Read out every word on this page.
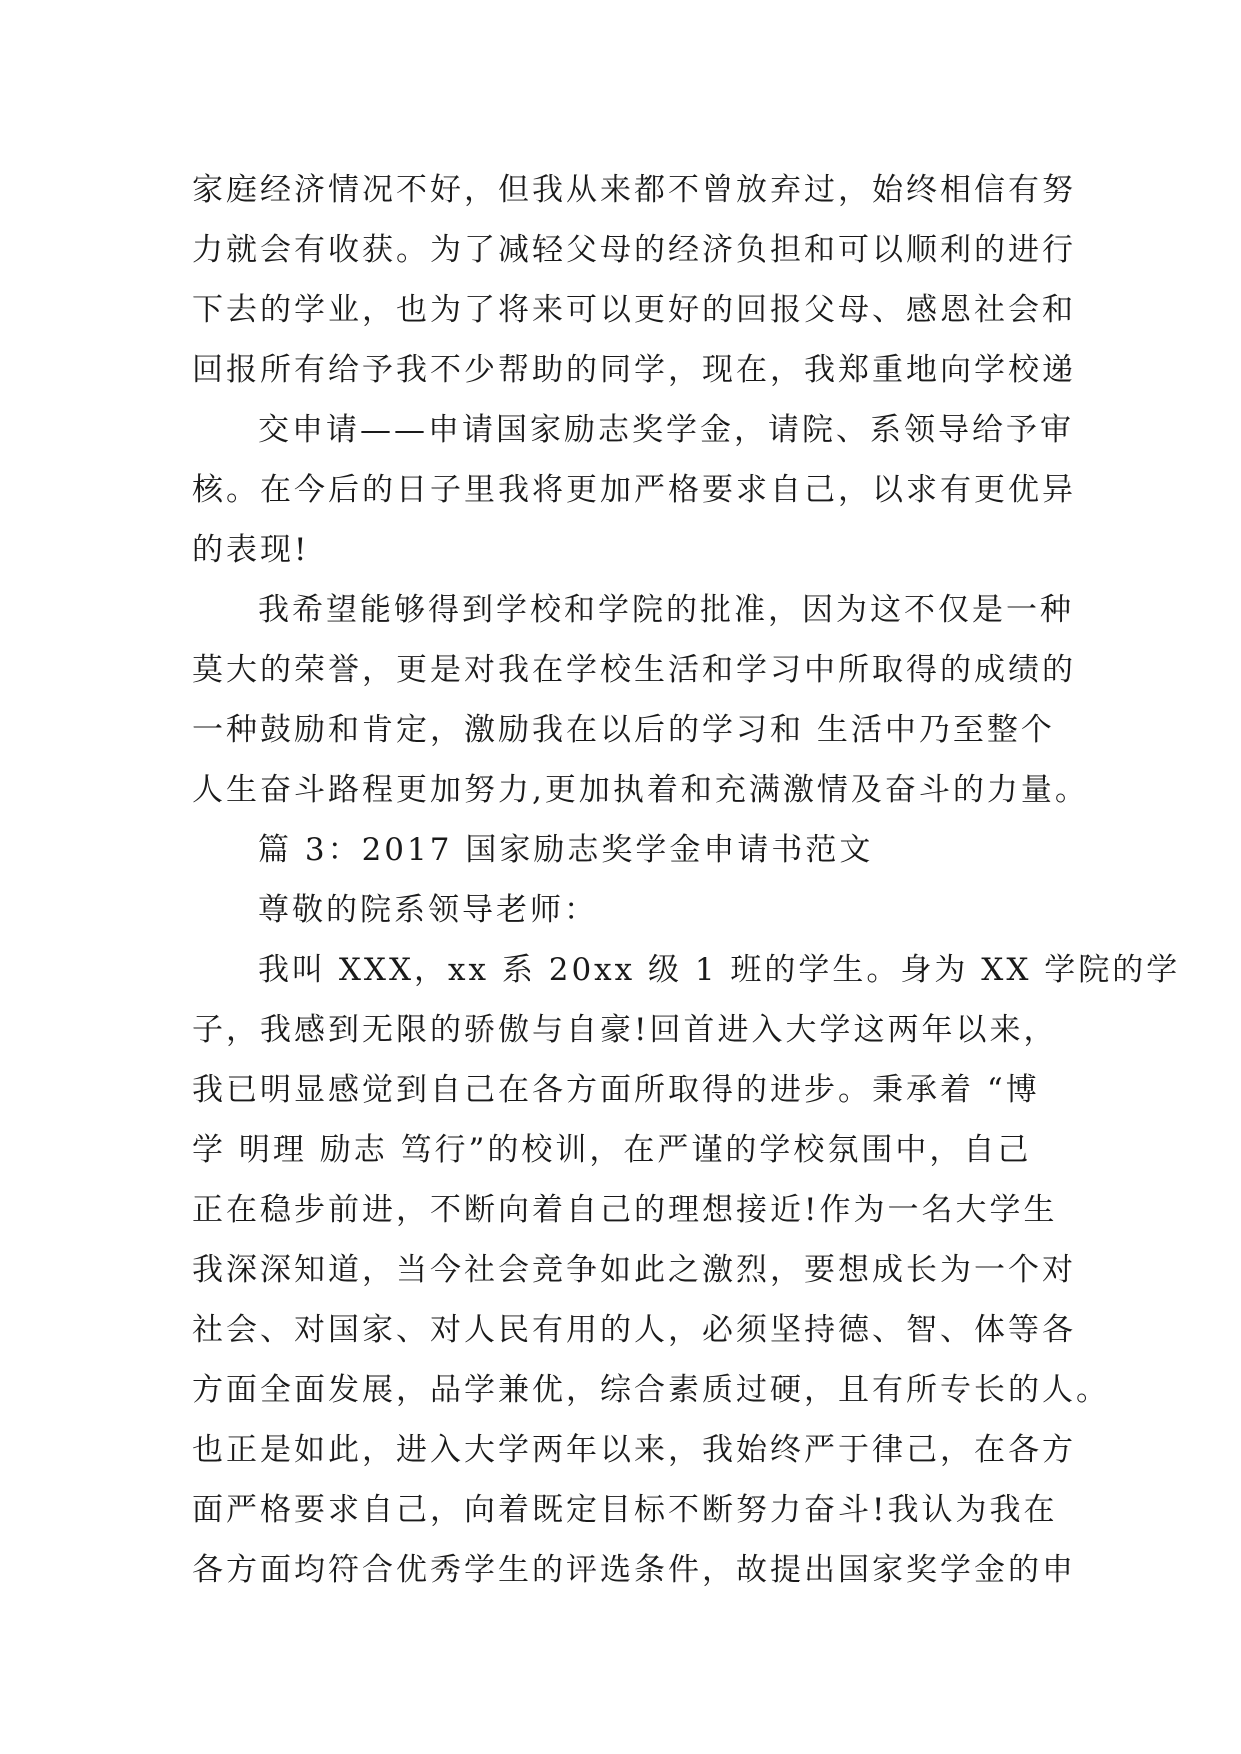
家庭经济情况不好，但我从来都不曾放弃过，始终相信有努
力就会有收获。为了减轻父母的经济负担和可以顺利的进行
下去的学业，也为了将来可以更好的回报父母、感恩社会和
回报所有给予我不少帮助的同学，现在，我郑重地向学校递
交申请——申请国家励志奖学金，请院、系领导给予审
核。在今后的日子里我将更加严格要求自己，以求有更优异
的表现!
我希望能够得到学校和学院的批准，因为这不仅是一种
莫大的荣誉，更是对我在学校生活和学习中所取得的成绩的
一种鼓励和肯定，激励我在以后的学习和 生活中乃至整个
人生奋斗路程更加努力,更加执着和充满激情及奋斗的力量。
篇 3：2017 国家励志奖学金申请书范文
尊敬的院系领导老师：
我叫 XXX，xx 系 20xx 级 1 班的学生。身为 XX 学院的学
子，我感到无限的骄傲与自豪!回首进入大学这两年以来，
我已明显感觉到自己在各方面所取得的进步。秉承着 “博
学 明理 励志 笃行”的校训，在严谨的学校氛围中，自己
正在稳步前进，不断向着自己的理想接近!作为一名大学生
我深深知道，当今社会竞争如此之激烈，要想成长为一个对
社会、对国家、对人民有用的人，必须坚持德、智、体等各
方面全面发展，品学兼优，综合素质过硬，且有所专长的人。
也正是如此，进入大学两年以来，我始终严于律己，在各方
面严格要求自己，向着既定目标不断努力奋斗!我认为我在
各方面均符合优秀学生的评选条件，故提出国家奖学金的申
